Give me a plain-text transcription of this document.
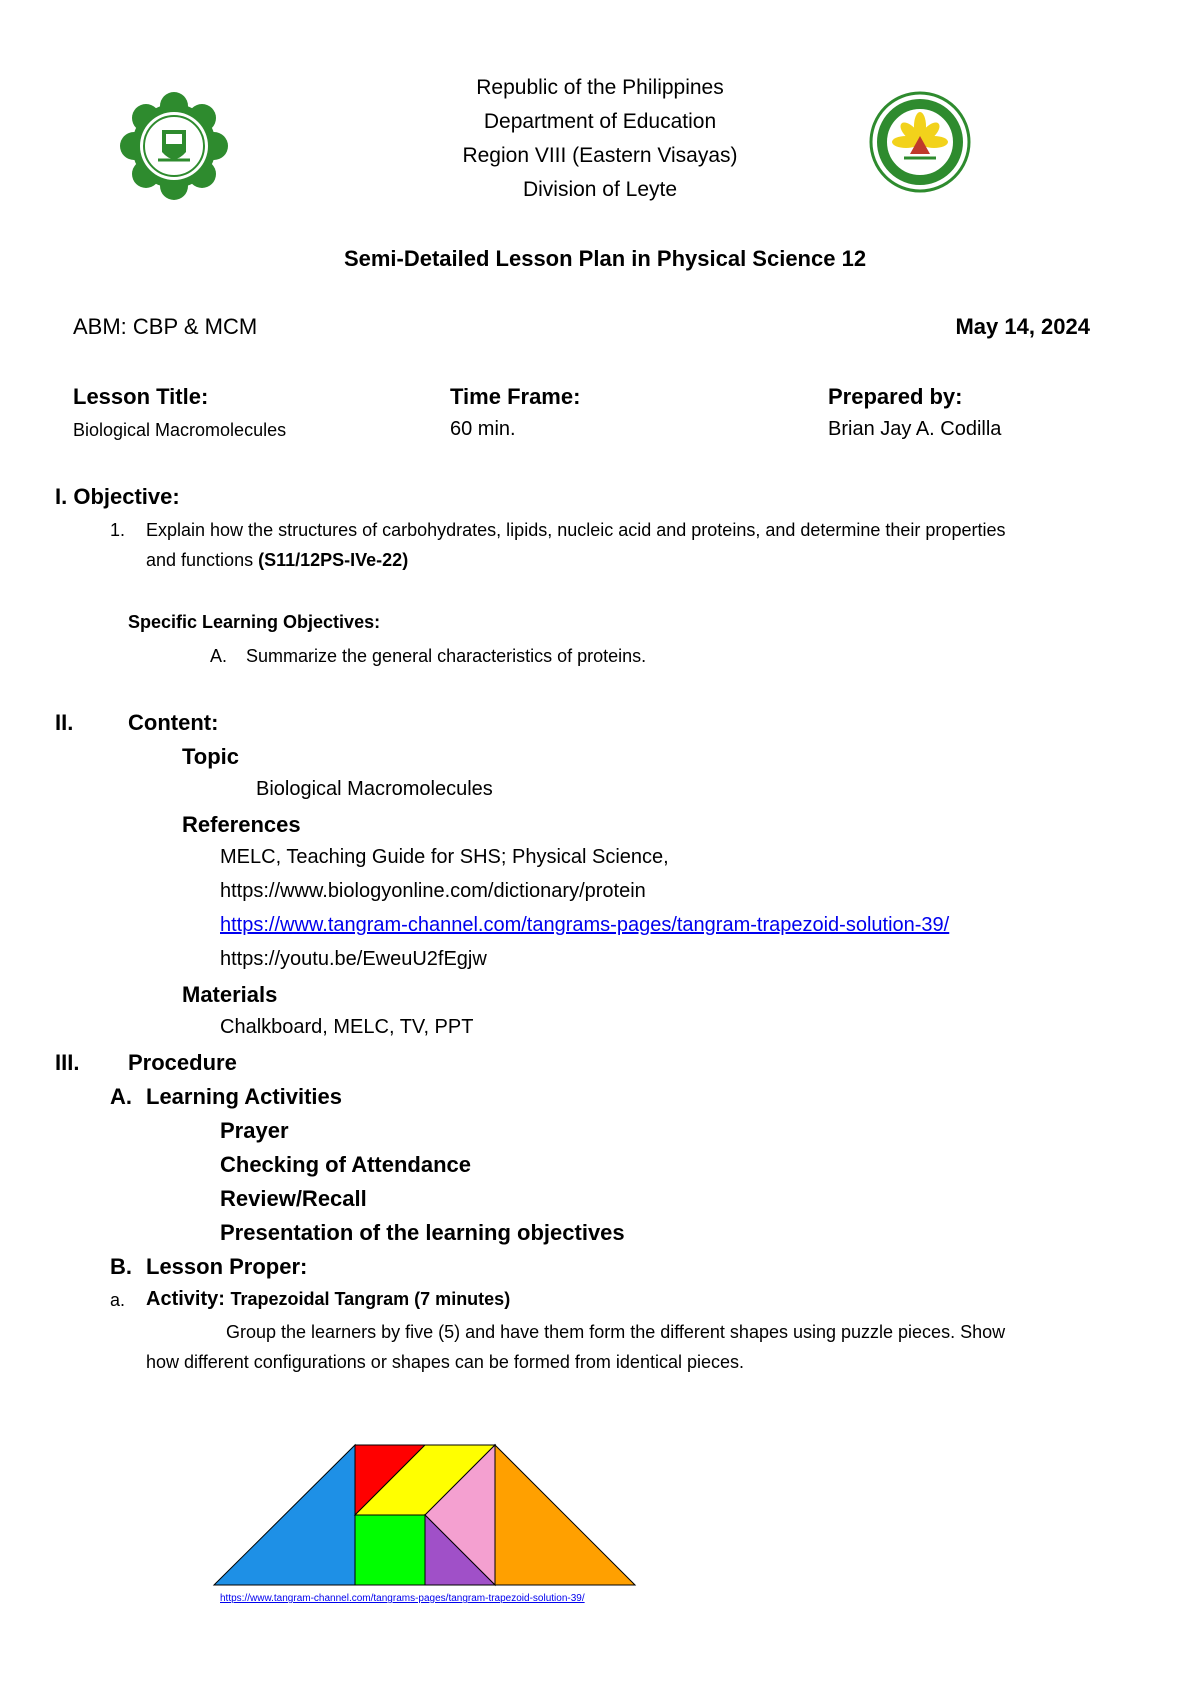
Republic of the Philippines
Department of Education
Region VIII (Eastern Visayas)
Division of Leyte
Semi-Detailed Lesson Plan in Physical Science 12
ABM: CBP & MCM	May 14, 2024
Lesson Title:
Biological Macromolecules
Time Frame:
60 min.
Prepared by:
Brian Jay A. Codilla
I. Objective:
1. Explain how the structures of carbohydrates, lipids, nucleic acid and proteins, and determine their properties
and functions (S11/12PS-IVe-22)
Specific Learning Objectives:
A. Summarize the general characteristics of proteins.
II. Content:
Topic
Biological Macromolecules
References
MELC, Teaching Guide for SHS; Physical Science,
https://www.biologyonline.com/dictionary/protein
https://www.tangram-channel.com/tangrams-pages/tangram-trapezoid-solution-39/
https://youtu.be/EweuU2fEgjw
Materials
Chalkboard, MELC, TV, PPT
III. Procedure
A. Learning Activities
Prayer
Checking of Attendance
Review/Recall
Presentation of the learning objectives
B. Lesson Proper:
a. Activity: Trapezoidal Tangram (7 minutes)
Group the learners by five (5) and have them form the different shapes using puzzle pieces. Show
how different configurations or shapes can be formed from identical pieces.
https://www.tangram-channel.com/tangrams-pages/tangram-trapezoid-solution-39/
